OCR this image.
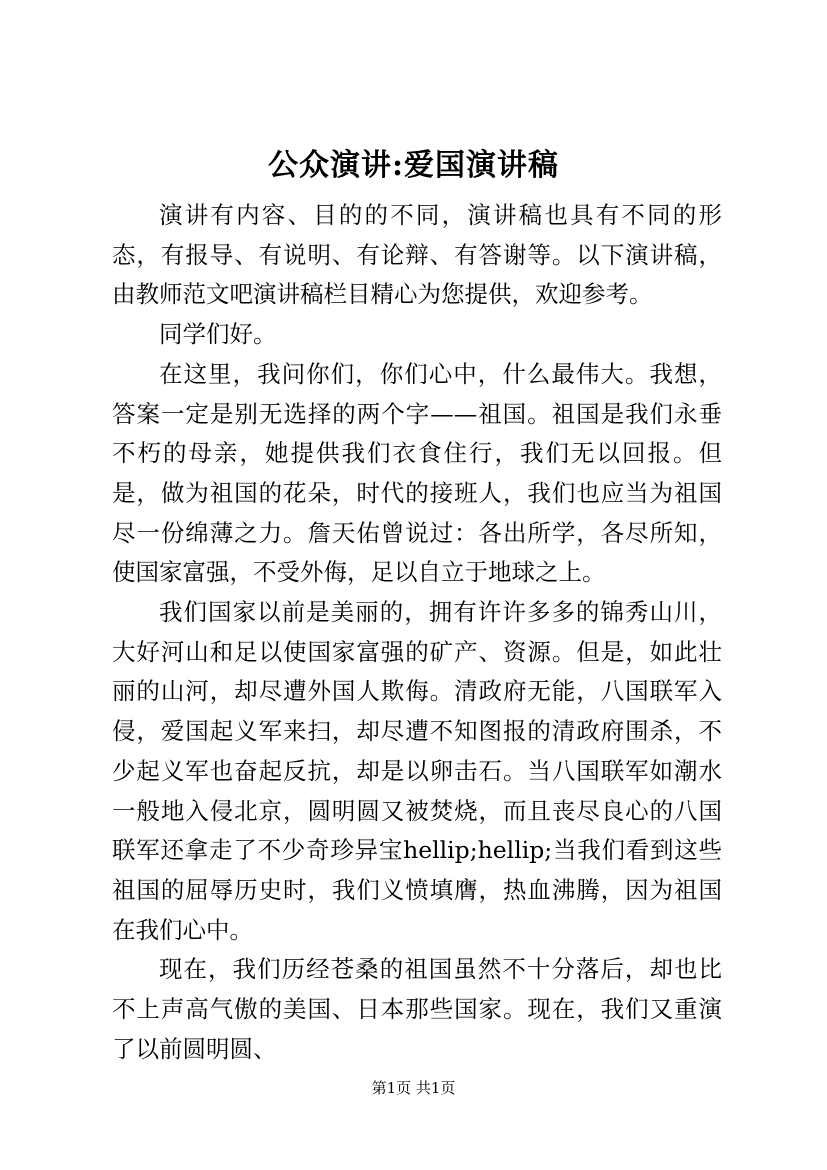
公众演讲:爱国演讲稿

演讲有内容、目的的不同，演讲稿也具有不同的形态，有报导、有说明、有论辩、有答谢等。以下演讲稿，由教师范文吧演讲稿栏目精心为您提供，欢迎参考。

同学们好。

在这里，我问你们，你们心中，什么最伟大。我想，答案一定是别无选择的两个字——祖国。祖国是我们永垂不朽的母亲，她提供我们衣食住行，我们无以回报。但是，做为祖国的花朵，时代的接班人，我们也应当为祖国尽一份绵薄之力。詹天佑曾说过：各出所学，各尽所知，使国家富强，不受外侮，足以自立于地球之上。

我们国家以前是美丽的，拥有许许多多的锦秀山川，大好河山和足以使国家富强的矿产、资源。但是，如此壮丽的山河，却尽遭外国人欺侮。清政府无能，八国联军入侵，爱国起义军来扫，却尽遭不知图报的清政府围杀，不少起义军也奋起反抗，却是以卵击石。当八国联军如潮水一般地入侵北京，圆明圆又被焚烧，而且丧尽良心的八国联军还拿走了不少奇珍异宝hellip;hellip;当我们看到这些祖国的屈辱历史时，我们义愤填膺，热血沸腾，因为祖国在我们心中。

现在，我们历经苍桑的祖国虽然不十分落后，却也比不上声高气傲的美国、日本那些国家。现在，我们又重演了以前圆明圆、

第1页 共1页
